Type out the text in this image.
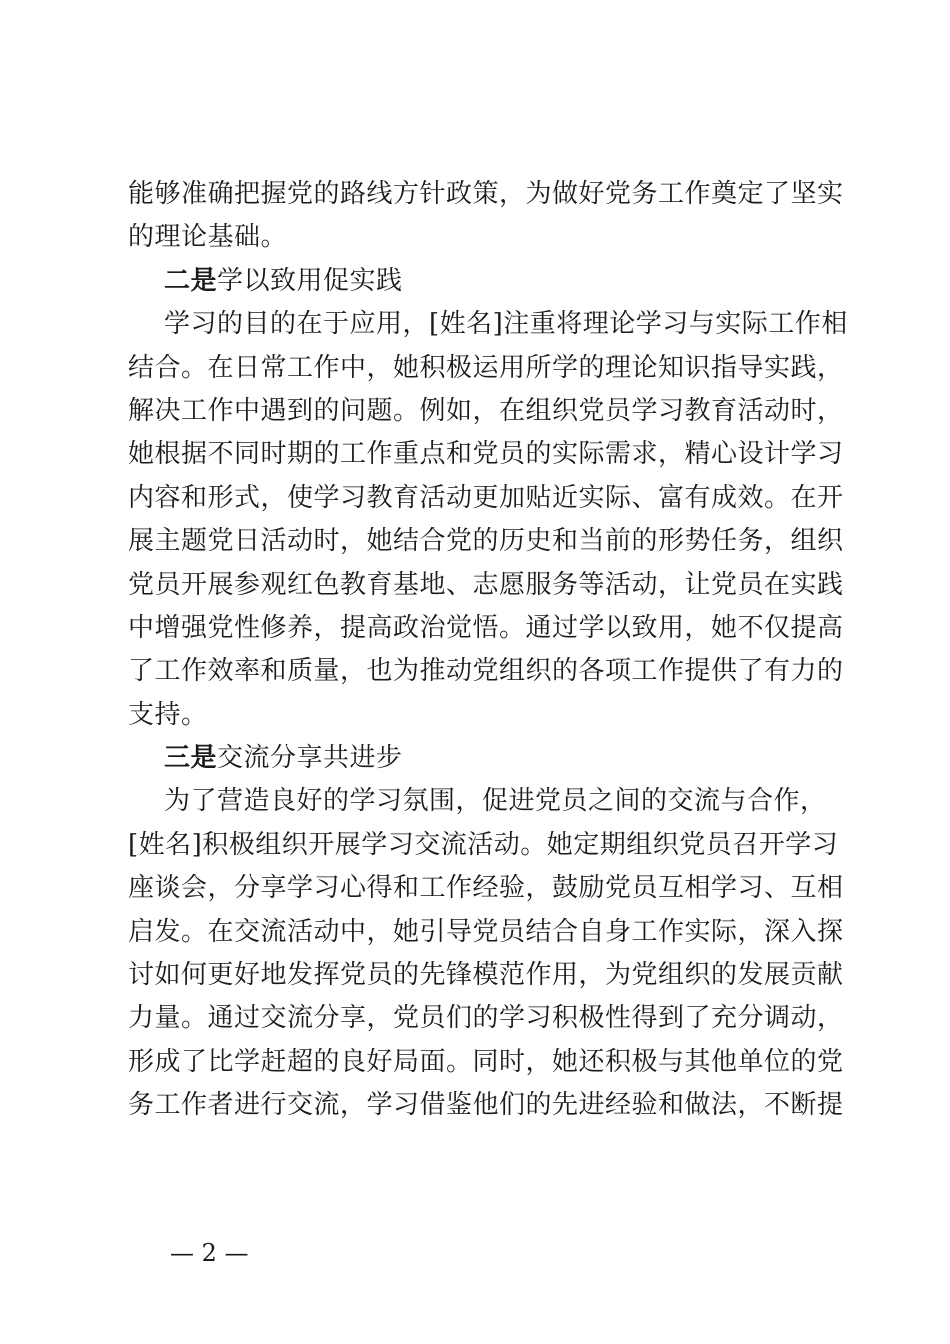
能够准确把握党的路线方针政策，为做好党务工作奠定了坚实
的理论基础。
二是学以致用促实践
学习的目的在于应用，[姓名]注重将理论学习与实际工作相
结合。在日常工作中，她积极运用所学的理论知识指导实践，
解决工作中遇到的问题。例如，在组织党员学习教育活动时，
她根据不同时期的工作重点和党员的实际需求，精心设计学习
内容和形式，使学习教育活动更加贴近实际、富有成效。在开
展主题党日活动时，她结合党的历史和当前的形势任务，组织
党员开展参观红色教育基地、志愿服务等活动，让党员在实践
中增强党性修养，提高政治觉悟。通过学以致用，她不仅提高
了工作效率和质量，也为推动党组织的各项工作提供了有力的
支持。
三是交流分享共进步
为了营造良好的学习氛围，促进党员之间的交流与合作，
[姓名]积极组织开展学习交流活动。她定期组织党员召开学习
座谈会，分享学习心得和工作经验，鼓励党员互相学习、互相
启发。在交流活动中，她引导党员结合自身工作实际，深入探
讨如何更好地发挥党员的先锋模范作用，为党组织的发展贡献
力量。通过交流分享，党员们的学习积极性得到了充分调动，
形成了比学赶超的良好局面。同时，她还积极与其他单位的党
务工作者进行交流，学习借鉴他们的先进经验和做法，不断提
— 2 —
